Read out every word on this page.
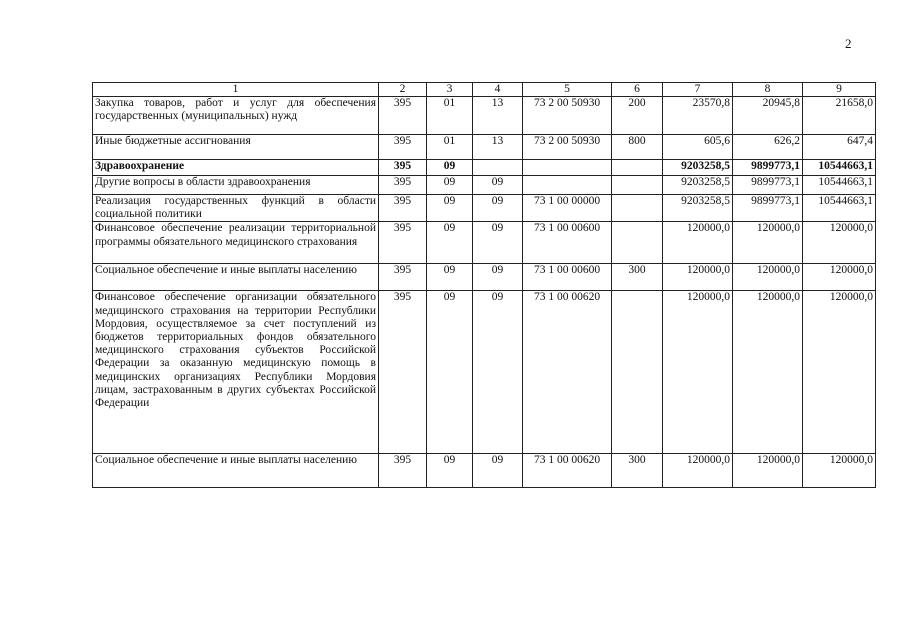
2
1	2	3	4	5	6	7	8	9
Закупка товаров, работ и услуг для обеспечения государственных (муниципальных) нужд	395	01	13	73 2 00 50930	200	23570,8	20945,8	21658,0
Иные бюджетные ассигнования	395	01	13	73 2 00 50930	800	605,6	626,2	647,4
Здравоохранение	395	09				9203258,5	9899773,1	10544663,1
Другие вопросы в области здравоохранения	395	09	09			9203258,5	9899773,1	10544663,1
Реализация государственных функций в области социальной политики	395	09	09	73 1 00 00000		9203258,5	9899773,1	10544663,1
Финансовое обеспечение реализации территориальной программы обязательного медицинского страхования	395	09	09	73 1 00 00600		120000,0	120000,0	120000,0
Социальное обеспечение и иные выплаты населению	395	09	09	73 1 00 00600	300	120000,0	120000,0	120000,0
Финансовое обеспечение организации обязательного медицинского страхования на территории Республики Мордовия, осуществляемое за счет поступлений из бюджетов территориальных фондов обязательного медицинского страхования субъектов Российской Федерации за оказанную медицинскую помощь в медицинских организациях Республики Мордовия лицам, застрахованным в других субъектах Российской Федерации	395	09	09	73 1 00 00620		120000,0	120000,0	120000,0
Социальное обеспечение и иные выплаты населению	395	09	09	73 1 00 00620	300	120000,0	120000,0	120000,0
